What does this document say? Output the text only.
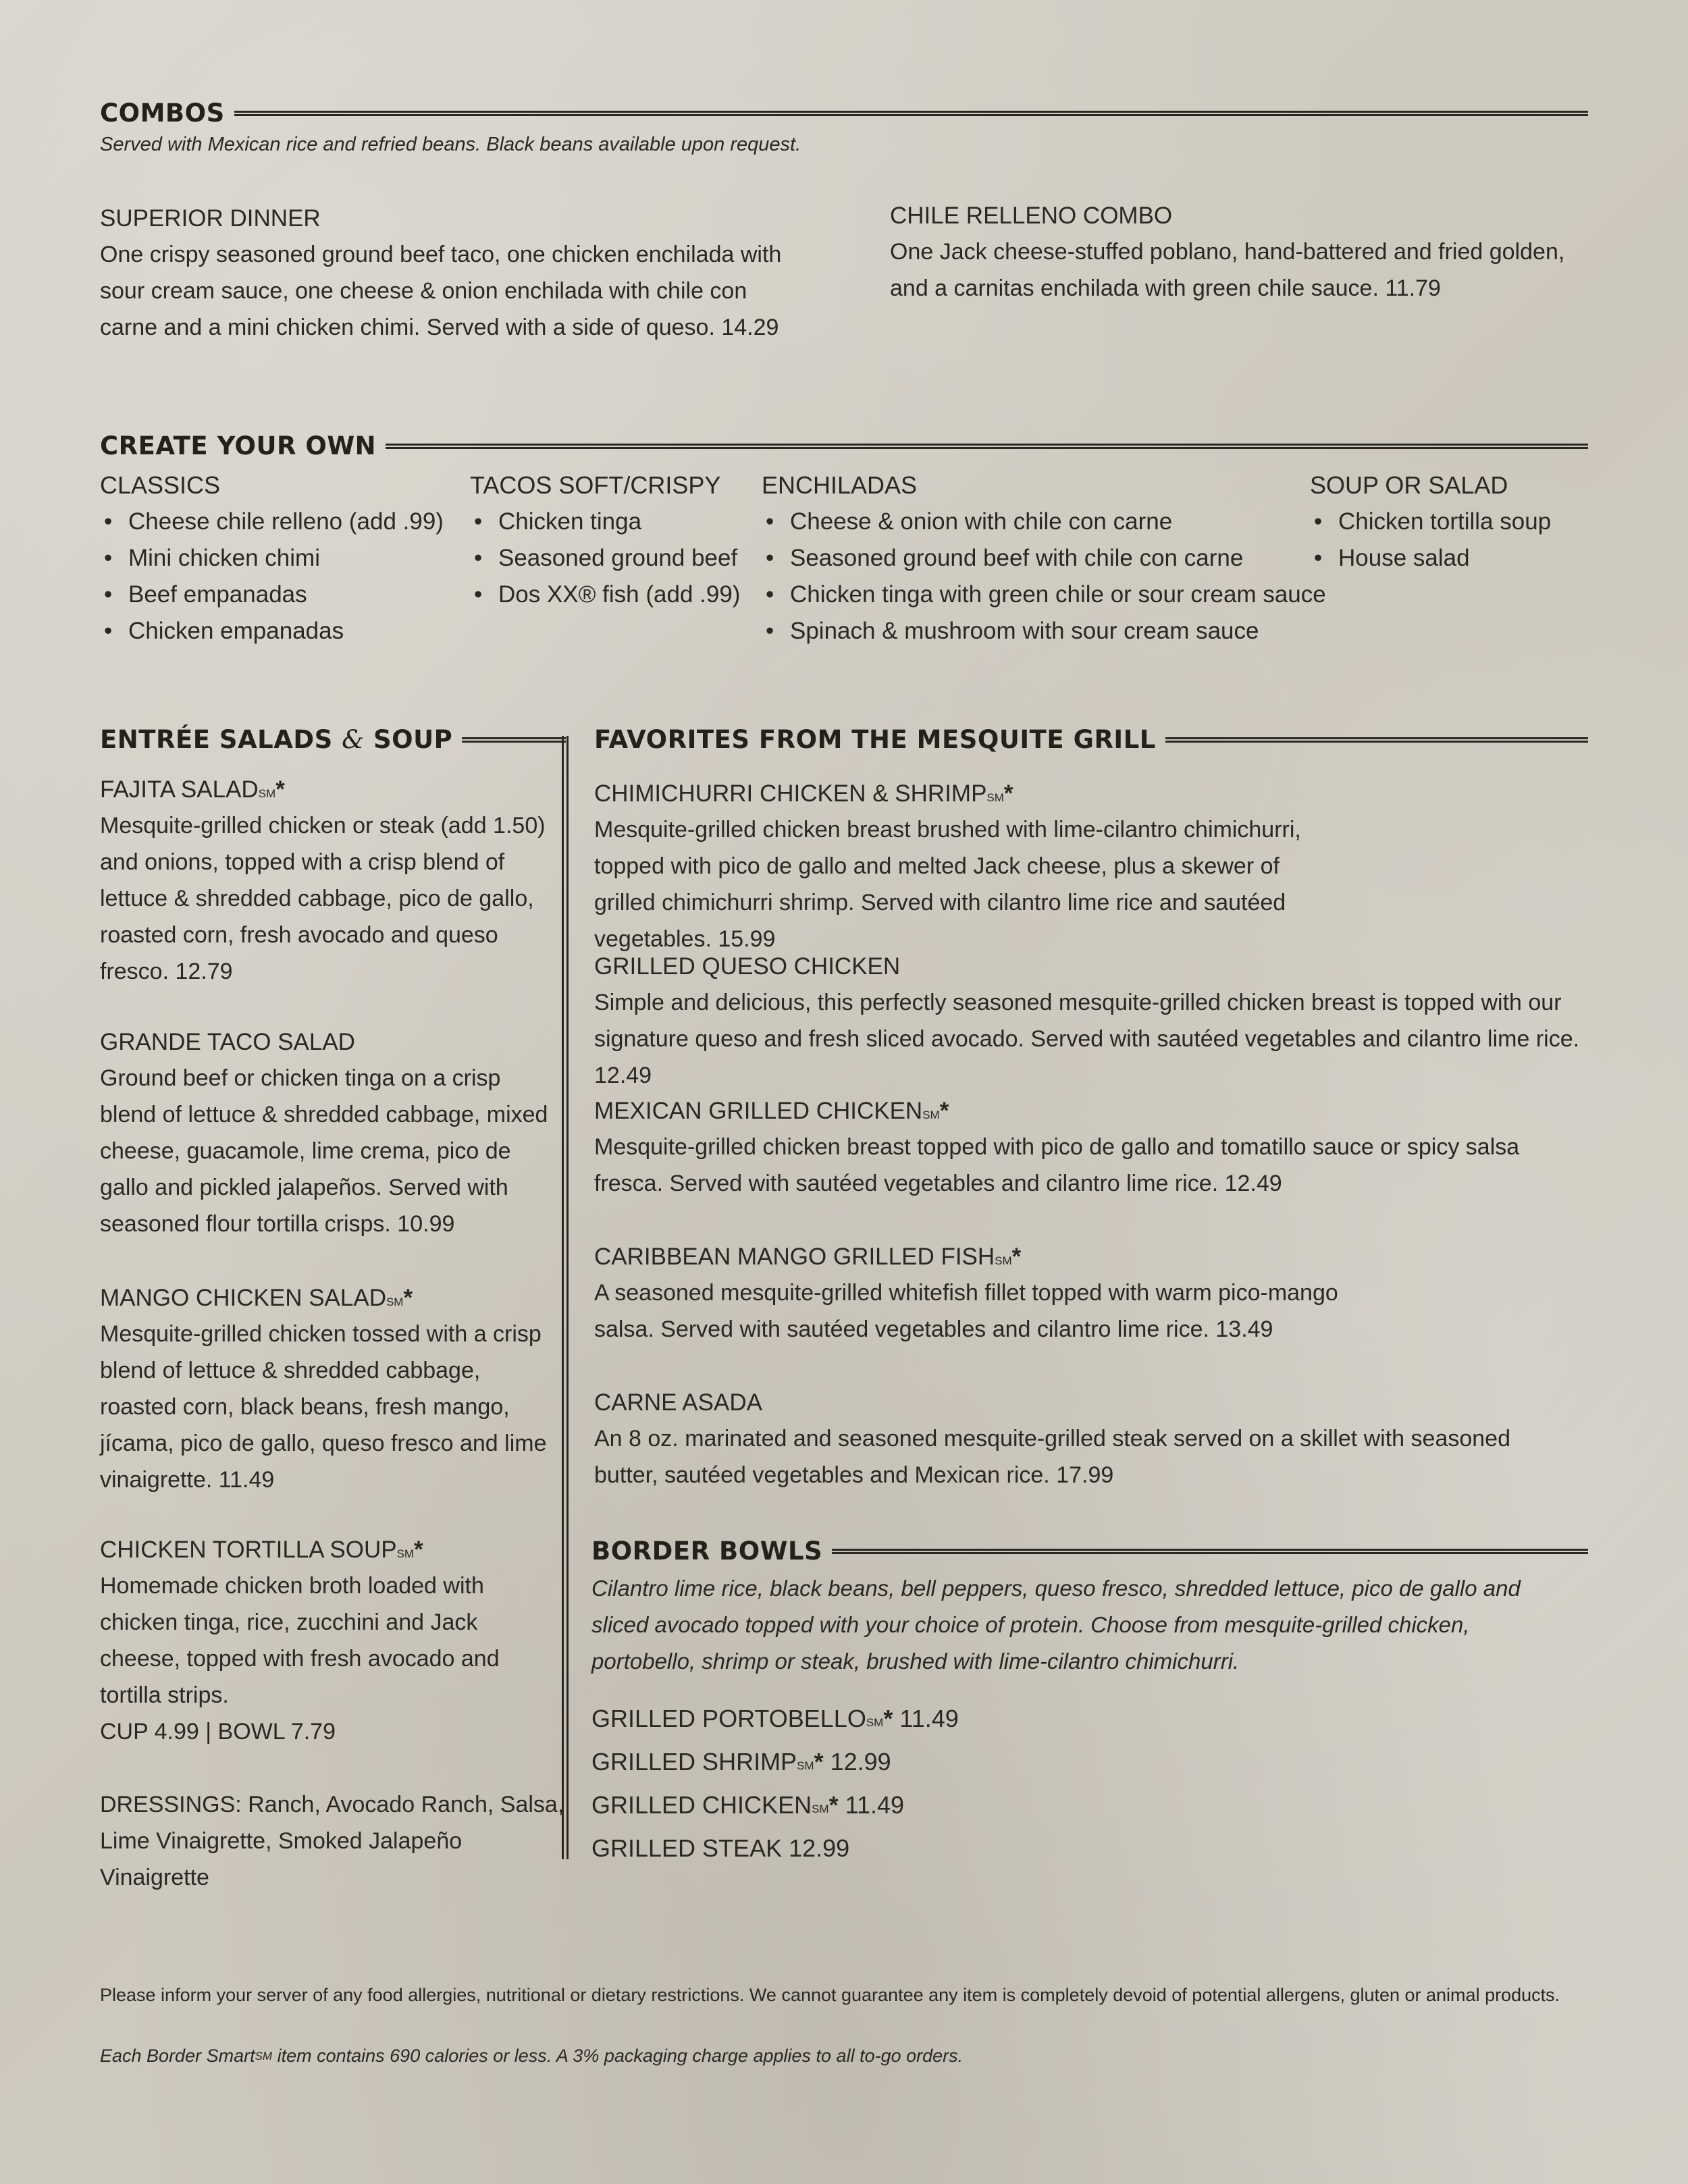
COMBOS
Served with Mexican rice and refried beans. Black beans available upon request.
SUPERIOR DINNER
One crispy seasoned ground beef taco, one chicken enchilada with sour cream sauce, one cheese & onion enchilada with chile con carne and a mini chicken chimi. Served with a side of queso. 14.29
CHILE RELLENO COMBO
One Jack cheese-stuffed poblano, hand-battered and fried golden, and a carnitas enchilada with green chile sauce. 11.79
CREATE YOUR OWN
CLASSICS
• Cheese chile relleno (add .99)
• Mini chicken chimi
• Beef empanadas
• Chicken empanadas
TACOS SOFT/CRISPY
• Chicken tinga
• Seasoned ground beef
• Dos XX® fish (add .99)
ENCHILADAS
• Cheese & onion with chile con carne
• Seasoned ground beef with chile con carne
• Chicken tinga with green chile or sour cream sauce
• Spinach & mushroom with sour cream sauce
SOUP OR SALAD
• Chicken tortilla soup
• House salad
ENTRÉE SALADS & SOUP
FAJITA SALAD℠*
Mesquite-grilled chicken or steak (add 1.50) and onions, topped with a crisp blend of lettuce & shredded cabbage, pico de gallo, roasted corn, fresh avocado and queso fresco. 12.79
GRANDE TACO SALAD
Ground beef or chicken tinga on a crisp blend of lettuce & shredded cabbage, mixed cheese, guacamole, lime crema, pico de gallo and pickled jalapeños. Served with seasoned flour tortilla crisps. 10.99
MANGO CHICKEN SALAD℠*
Mesquite-grilled chicken tossed with a crisp blend of lettuce & shredded cabbage, roasted corn, black beans, fresh mango, jícama, pico de gallo, queso fresco and lime vinaigrette. 11.49
CHICKEN TORTILLA SOUP℠*
Homemade chicken broth loaded with chicken tinga, rice, zucchini and Jack cheese, topped with fresh avocado and tortilla strips.
CUP 4.99 | BOWL 7.79
DRESSINGS: Ranch, Avocado Ranch, Salsa, Lime Vinaigrette, Smoked Jalapeño Vinaigrette
FAVORITES FROM THE MESQUITE GRILL
CHIMICHURRI CHICKEN & SHRIMP℠*
Mesquite-grilled chicken breast brushed with lime-cilantro chimichurri, topped with pico de gallo and melted Jack cheese, plus a skewer of grilled chimichurri shrimp. Served with cilantro lime rice and sautéed vegetables. 15.99
GRILLED QUESO CHICKEN
Simple and delicious, this perfectly seasoned mesquite-grilled chicken breast is topped with our signature queso and fresh sliced avocado. Served with sautéed vegetables and cilantro lime rice. 12.49
MEXICAN GRILLED CHICKEN℠*
Mesquite-grilled chicken breast topped with pico de gallo and tomatillo sauce or spicy salsa fresca. Served with sautéed vegetables and cilantro lime rice. 12.49
CARIBBEAN MANGO GRILLED FISH℠*
A seasoned mesquite-grilled whitefish fillet topped with warm pico-mango salsa. Served with sautéed vegetables and cilantro lime rice. 13.49
CARNE ASADA
An 8 oz. marinated and seasoned mesquite-grilled steak served on a skillet with seasoned butter, sautéed vegetables and Mexican rice. 17.99
BORDER BOWLS
Cilantro lime rice, black beans, bell peppers, queso fresco, shredded lettuce, pico de gallo and sliced avocado topped with your choice of protein. Choose from mesquite-grilled chicken, portobello, shrimp or steak, brushed with lime-cilantro chimichurri.
GRILLED PORTOBELLO℠* 11.49
GRILLED SHRIMP℠* 12.99
GRILLED CHICKEN℠* 11.49
GRILLED STEAK 12.99
Please inform your server of any food allergies, nutritional or dietary restrictions. We cannot guarantee any item is completely devoid of potential allergens, gluten or animal products.
Each Border Smart℠ item contains 690 calories or less. A 3% packaging charge applies to all to-go orders.
